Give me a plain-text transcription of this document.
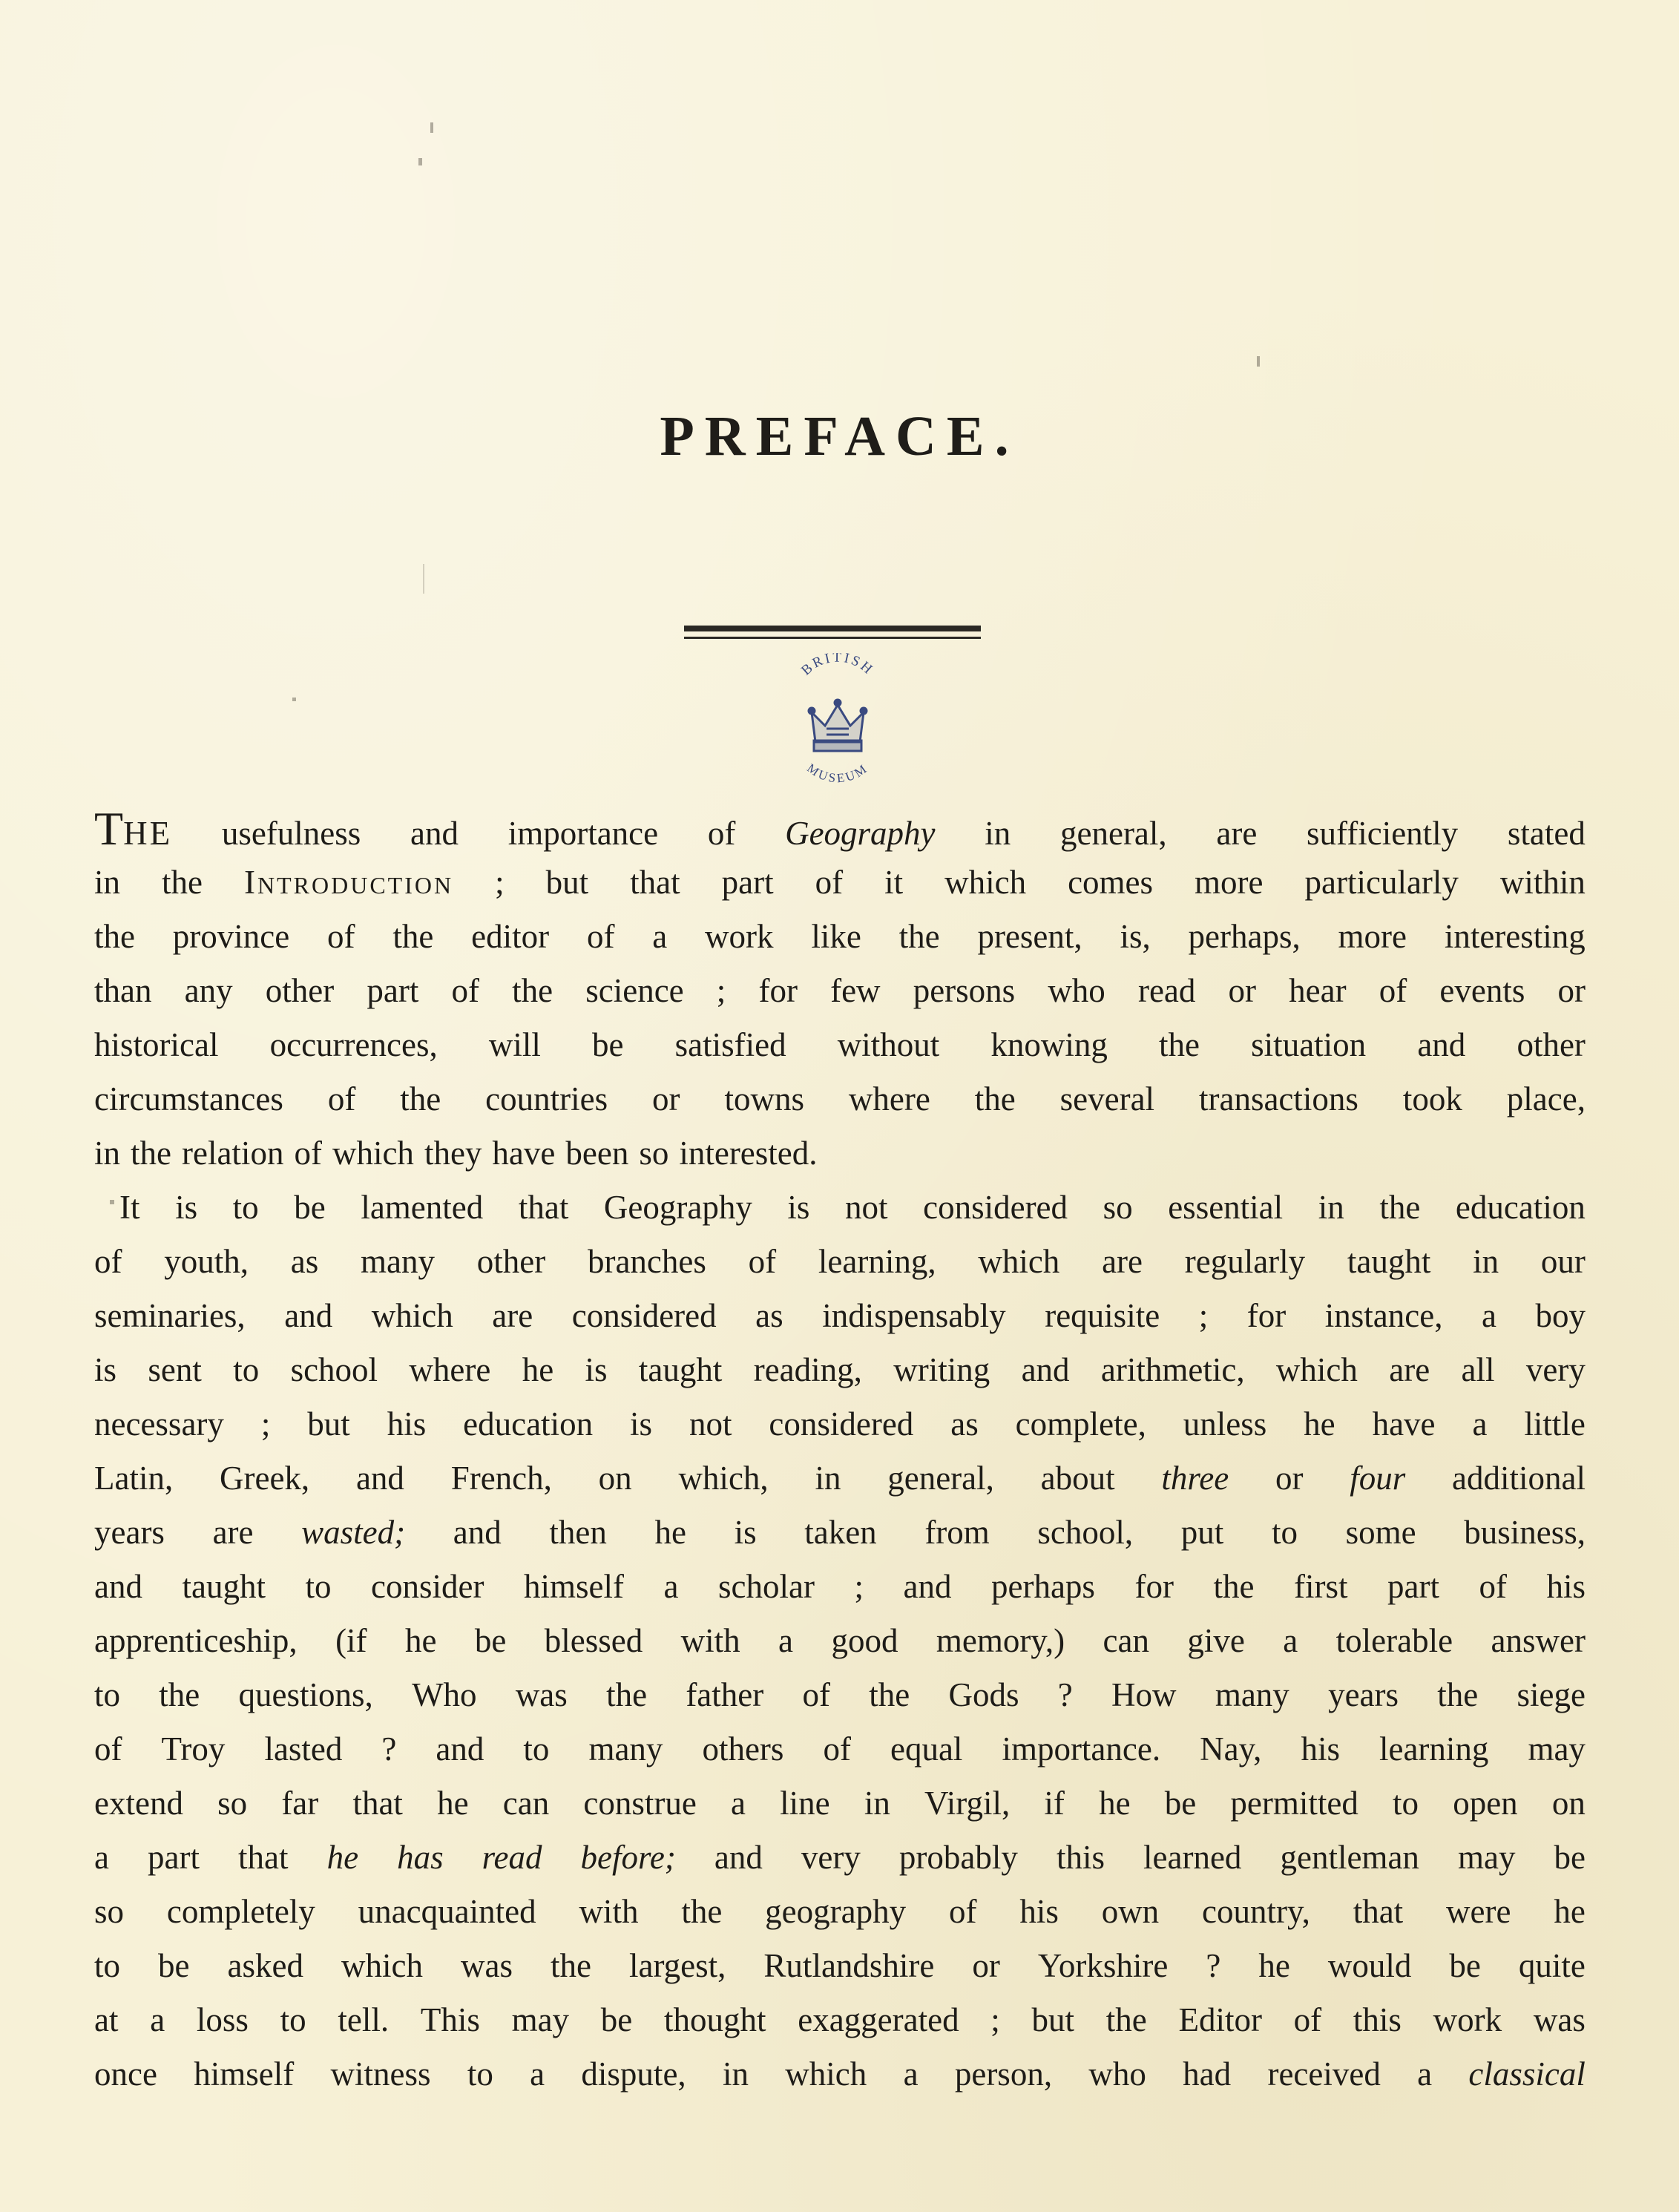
PREFACE.
BRITISH
MUSEUM
THE usefulness and importance of Geography in general, are sufficiently stated
in the Introduction ; but that part of it which comes more particularly within
the province of the editor of a work like the present, is, perhaps, more interesting
than any other part of the science ; for few persons who read or hear of events or
historical occurrences, will be satisfied without knowing the situation and other
circumstances of the countries or towns where the several transactions took place,
in the relation of which they have been so interested.
It is to be lamented that Geography is not considered so essential in the education
of youth, as many other branches of learning, which are regularly taught in our
seminaries, and which are considered as indispensably requisite ; for instance, a boy
is sent to school where he is taught reading, writing and arithmetic, which are all very
necessary ; but his education is not considered as complete, unless he have a little
Latin, Greek, and French, on which, in general, about three or four additional
years are wasted; and then he is taken from school, put to some business,
and taught to consider himself a scholar ; and perhaps for the first part of his
apprenticeship, (if he be blessed with a good memory,) can give a tolerable answer
to the questions, Who was the father of the Gods ? How many years the siege
of Troy lasted ? and to many others of equal importance. Nay, his learning may
extend so far that he can construe a line in Virgil, if he be permitted to open on
a part that he has read before; and very probably this learned gentleman may be
so completely unacquainted with the geography of his own country, that were he
to be asked which was the largest, Rutlandshire or Yorkshire ? he would be quite
at a loss to tell. This may be thought exaggerated ; but the Editor of this work was
once himself witness to a dispute, in which a person, who had received a classical
